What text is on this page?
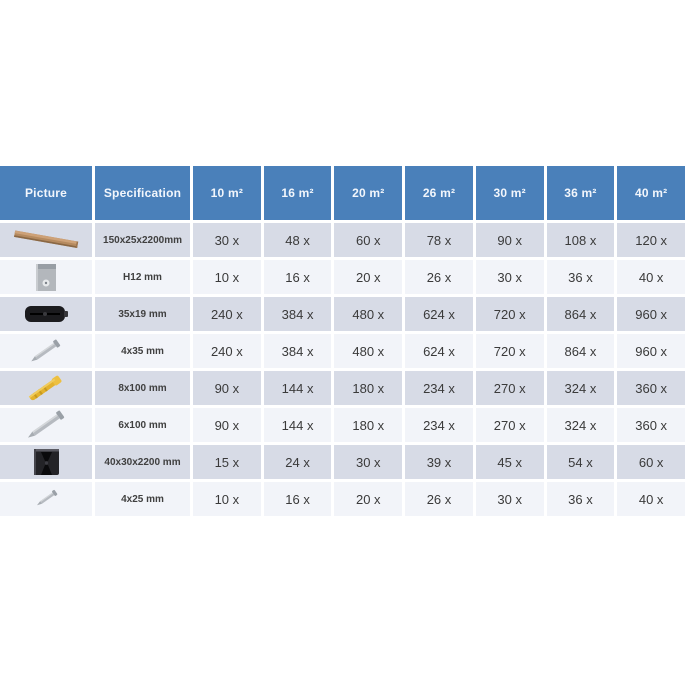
Picture	Specification	10 m²	16 m²	20 m²	26 m²	30 m²	36 m²	40 m²
150x25x2200mm	30 x	48 x	60 x	78 x	90 x	108 x	120 x
H12 mm	10 x	16 x	20 x	26 x	30 x	36 x	40 x
35x19 mm	240 x	384 x	480 x	624 x	720 x	864 x	960 x
4x35 mm	240 x	384 x	480 x	624 x	720 x	864 x	960 x
8x100 mm	90 x	144 x	180 x	234 x	270 x	324 x	360 x
6x100 mm	90 x	144 x	180 x	234 x	270 x	324 x	360 x
40x30x2200 mm	15 x	24 x	30 x	39 x	45 x	54 x	60 x
4x25 mm	10 x	16 x	20 x	26 x	30 x	36 x	40 x
